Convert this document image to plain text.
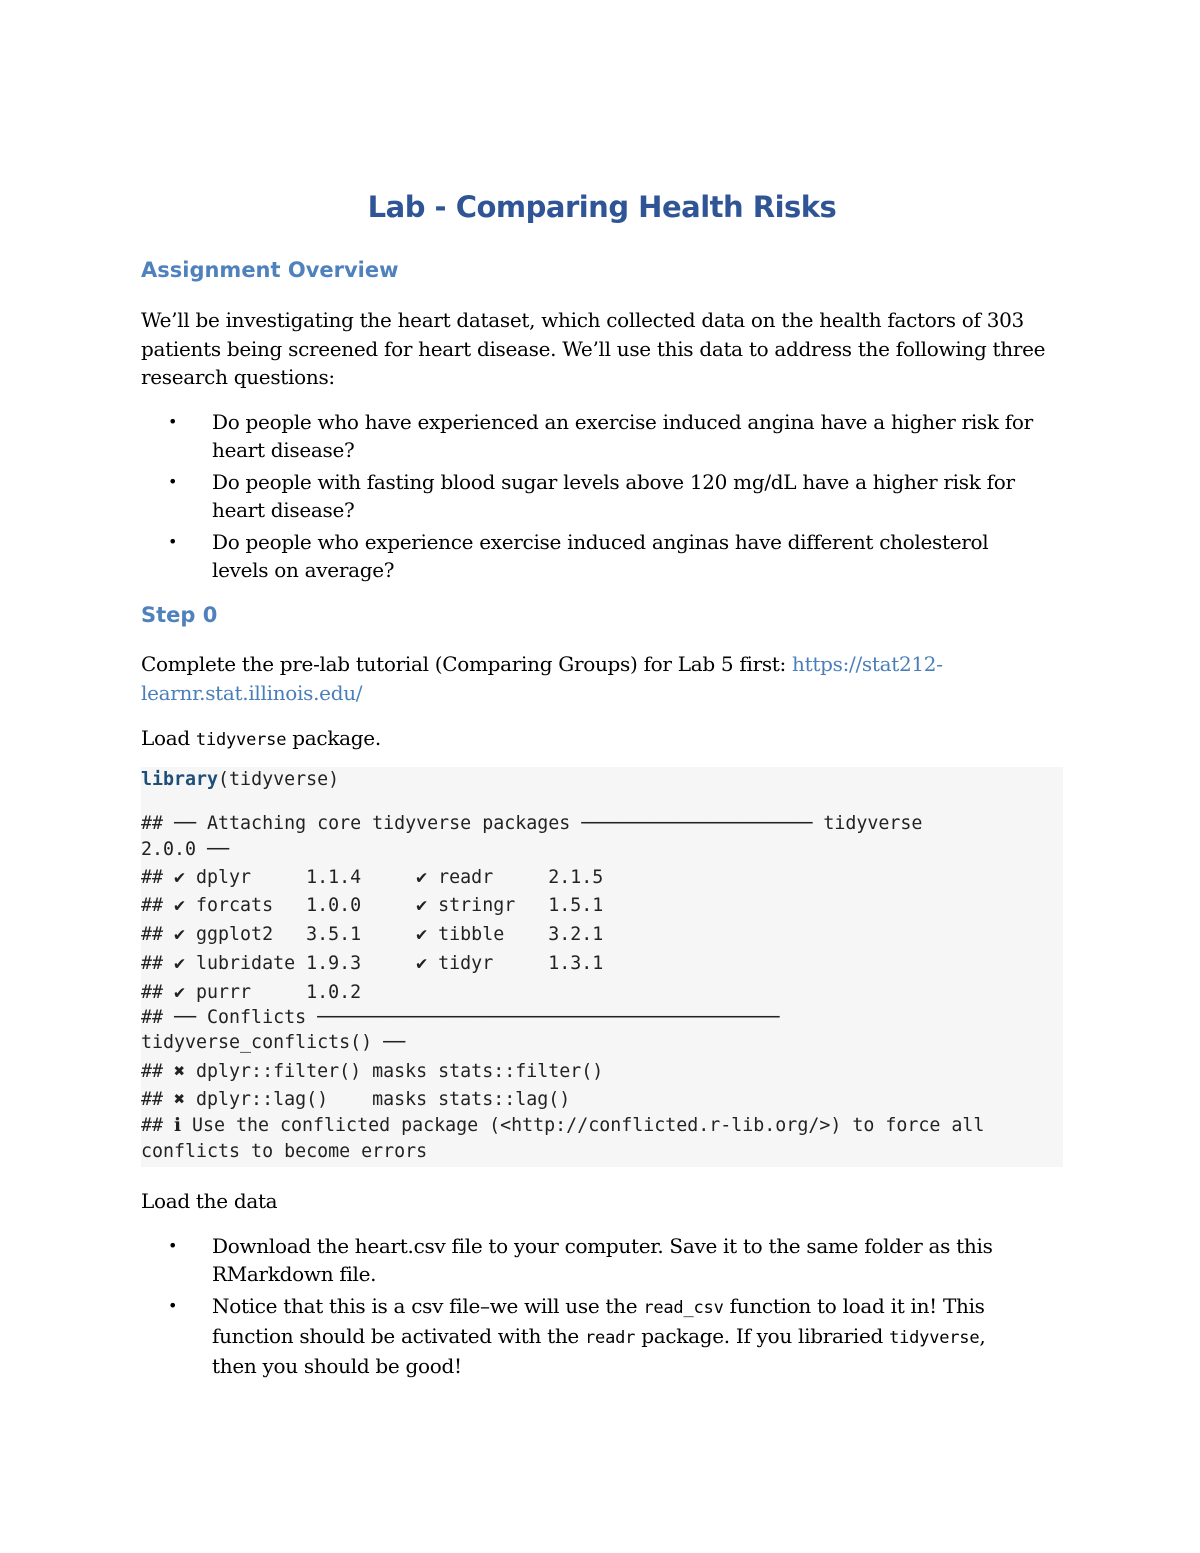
Lab - Comparing Health Risks
Assignment Overview

We’ll be investigating the heart dataset, which collected data on the health factors of 303
patients being screened for heart disease. We’ll use this data to address the following three
research questions:

• Do people who have experienced an exercise induced angina have a higher risk for
heart disease?
• Do people with fasting blood sugar levels above 120 mg/dL have a higher risk for
heart disease?
• Do people who experience exercise induced anginas have different cholesterol
levels on average?
Step 0

Complete the pre-lab tutorial (Comparing Groups) for Lab 5 first: https://stat212-
learnr.stat.illinois.edu/

Load tidyverse package.

library(tidyverse)
## ── Attaching core tidyverse packages ───────────────────── tidyverse
2.0.0 ──
## ✔ dplyr     1.1.4     ✔ readr     2.1.5
## ✔ forcats   1.0.0     ✔ stringr   1.5.1
## ✔ ggplot2   3.5.1     ✔ tibble    3.2.1
## ✔ lubridate 1.9.3     ✔ tidyr     1.3.1
## ✔ purrr     1.0.2
## ── Conflicts ──────────────────────────────────────────
tidyverse_conflicts() ──
## ✖ dplyr::filter() masks stats::filter()
## ✖ dplyr::lag()    masks stats::lag()
## ℹ Use the conflicted package (<http://conflicted.r-lib.org/>) to force all
conflicts to become errors

Load the data

• Download the heart.csv file to your computer. Save it to the same folder as this
RMarkdown file.
• Notice that this is a csv file–we will use the read_csv function to load it in! This
function should be activated with the readr package. If you libraried tidyverse,
then you should be good!
